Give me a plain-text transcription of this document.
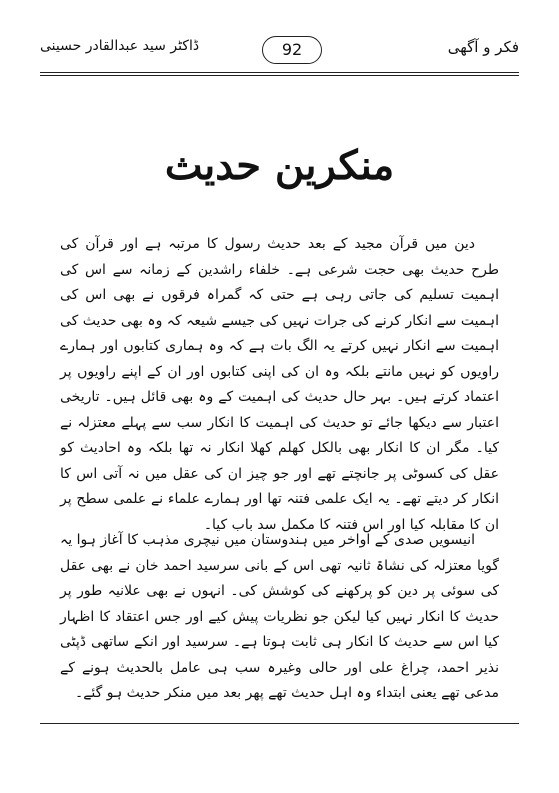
فکر و آگھی
92
ڈاکٹر سید عبدالقادر حسینی
منکرین حدیث

دین میں قرآن مجید کے بعد حدیث رسول کا مرتبہ ہے اور قرآن کی طرح حدیث بھی حجت شرعی ہے۔ خلفاء راشدین کے زمانہ سے اس کی اہمیت تسلیم کی جاتی رہی ہے حتی کہ گمراہ فرقوں نے بھی اس کی اہمیت سے انکار کرنے کی جرات نہیں کی جیسے شیعہ کہ وہ بھی حدیث کی اہمیت سے انکار نہیں کرتے یہ الگ بات ہے کہ وہ ہماری کتابوں اور ہمارے راویوں کو نہیں مانتے بلکہ وہ ان کی اپنی کتابوں اور ان کے اپنے راویوں پر اعتماد کرتے ہیں۔ بہر حال حدیث کی اہمیت کے وہ بھی قائل ہیں۔ تاریخی اعتبار سے دیکھا جائے تو حدیث کی اہمیت کا انکار سب سے پہلے معتزلہ نے کیا۔ مگر ان کا انکار بھی بالکل کھلم کھلا انکار نہ تھا بلکہ وہ احادیث کو عقل کی کسوٹی پر جانچتے تھے اور جو چیز ان کی عقل میں نہ آتی اس کا انکار کر دیتے تھے۔ یہ ایک علمی فتنہ تھا اور ہمارے علماء نے علمی سطح پر ان کا مقابلہ کیا اور اس فتنہ کا مکمل سد باب کیا۔

انیسویں صدی کے اواخر میں ہندوستان میں نیچری مذہب کا آغاز ہوا یہ گویا معتزلہ کی نشاۃ ثانیہ تھی اس کے بانی سرسید احمد خان نے بھی عقل کی سوئی پر دین کو پرکھنے کی کوشش کی۔ انہوں نے بھی علانیہ طور پر حدیث کا انکار نہیں کیا لیکن جو نظریات پیش کیے اور جس اعتقاد کا اظہار کیا اس سے حدیث کا انکار ہی ثابت ہوتا ہے۔ سرسید اور انکے ساتھی ڈپٹی نذیر احمد، چراغ علی اور حالی وغیرہ سب ہی عامل بالحدیث ہونے کے مدعی تھے یعنی ابتداء وہ اہل حدیث تھے پھر بعد میں منکر حدیث ہو گئے۔
